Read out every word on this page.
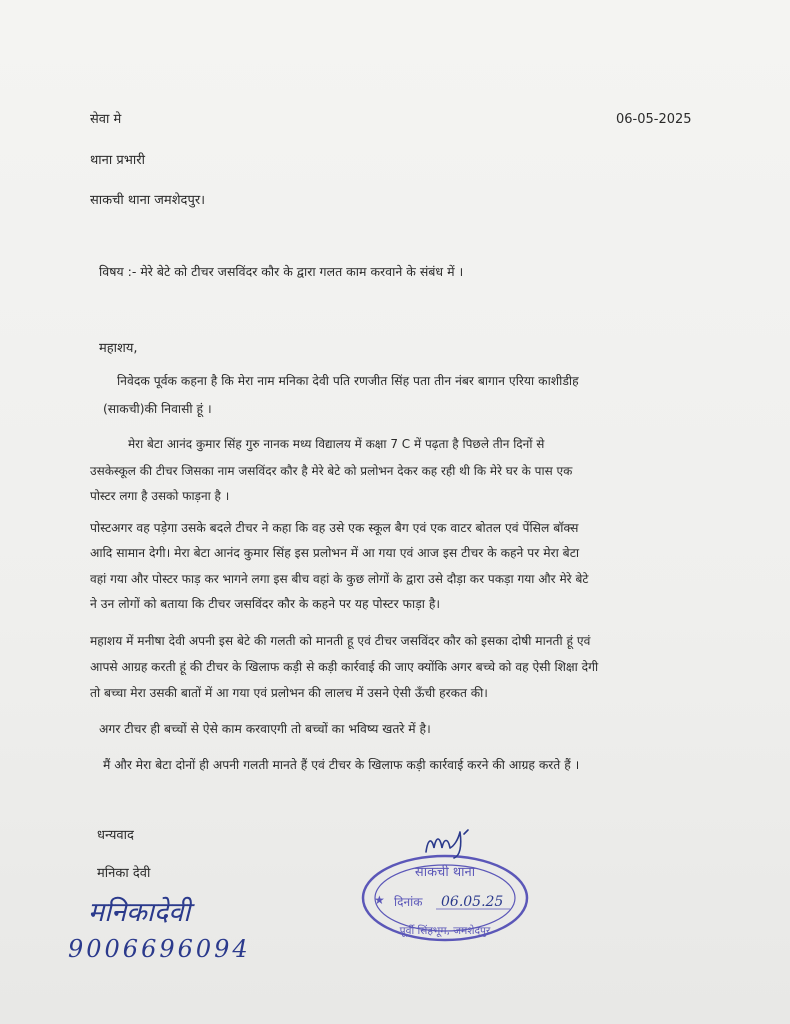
सेवा मे	06-05-2025
थाना प्रभारी
साकची थाना जमशेदपुर।
विषय :- मेरे बेटे को टीचर जसविंदर कौर के द्वारा गलत काम करवाने के संबंध में ।
महाशय,
निवेदक पूर्वक कहना है कि मेरा नाम मनिका देवी पति रणजीत सिंह पता तीन नंबर बागान एरिया काशीडीह
(साकची)की निवासी हूं ।
मेरा बेटा आनंद कुमार सिंह गुरु नानक मध्य विद्यालय में कक्षा 7 C में पढ़ता है पिछले तीन दिनों से
उसकेस्कूल की टीचर जिसका नाम जसविंदर कौर है मेरे बेटे को प्रलोभन देकर कह रही थी कि मेरे घर के पास एक
पोस्टर लगा है उसको फाड़ना है ।
पोस्टअगर वह पड़ेगा उसके बदले टीचर ने कहा कि वह उसे एक स्कूल बैग एवं एक वाटर बोतल एवं पेंसिल बॉक्स
आदि सामान देगी। मेरा बेटा आनंद कुमार सिंह इस प्रलोभन में आ गया एवं आज इस टीचर के कहने पर मेरा बेटा
वहां गया और पोस्टर फाड़ कर भागने लगा इस बीच वहां के कुछ लोगों के द्वारा उसे दौड़ा कर पकड़ा गया और मेरे बेटे
ने उन लोगों को बताया कि टीचर जसविंदर कौर के कहने पर यह पोस्टर फाड़ा है।
महाशय में मनीषा देवी अपनी इस बेटे की गलती को मानती हू एवं टीचर जसविंदर कौर को इसका दोषी मानती हूं एवं
आपसे आग्रह करती हूं की टीचर के खिलाफ कड़ी से कड़ी कार्रवाई की जाए क्योंकि अगर बच्चे को वह ऐसी शिक्षा देगी
तो बच्चा मेरा उसकी बातों में आ गया एवं प्रलोभन की लालच में उसने ऐसी ऊँची हरकत की।
अगर टीचर ही बच्चों से ऐसे काम करवाएगी तो बच्चों का भविष्य खतरे में है।
मैं और मेरा बेटा दोनों ही अपनी गलती मानते हैं एवं टीचर के खिलाफ कड़ी कार्रवाई करने की आग्रह करते हैं ।
धन्यवाद
मनिका देवी
मनिकादेवी
9006696094
साकची थाना
★ दिनांक 06.05.25
पूर्वी सिंहभूम, जमशेदपुर
